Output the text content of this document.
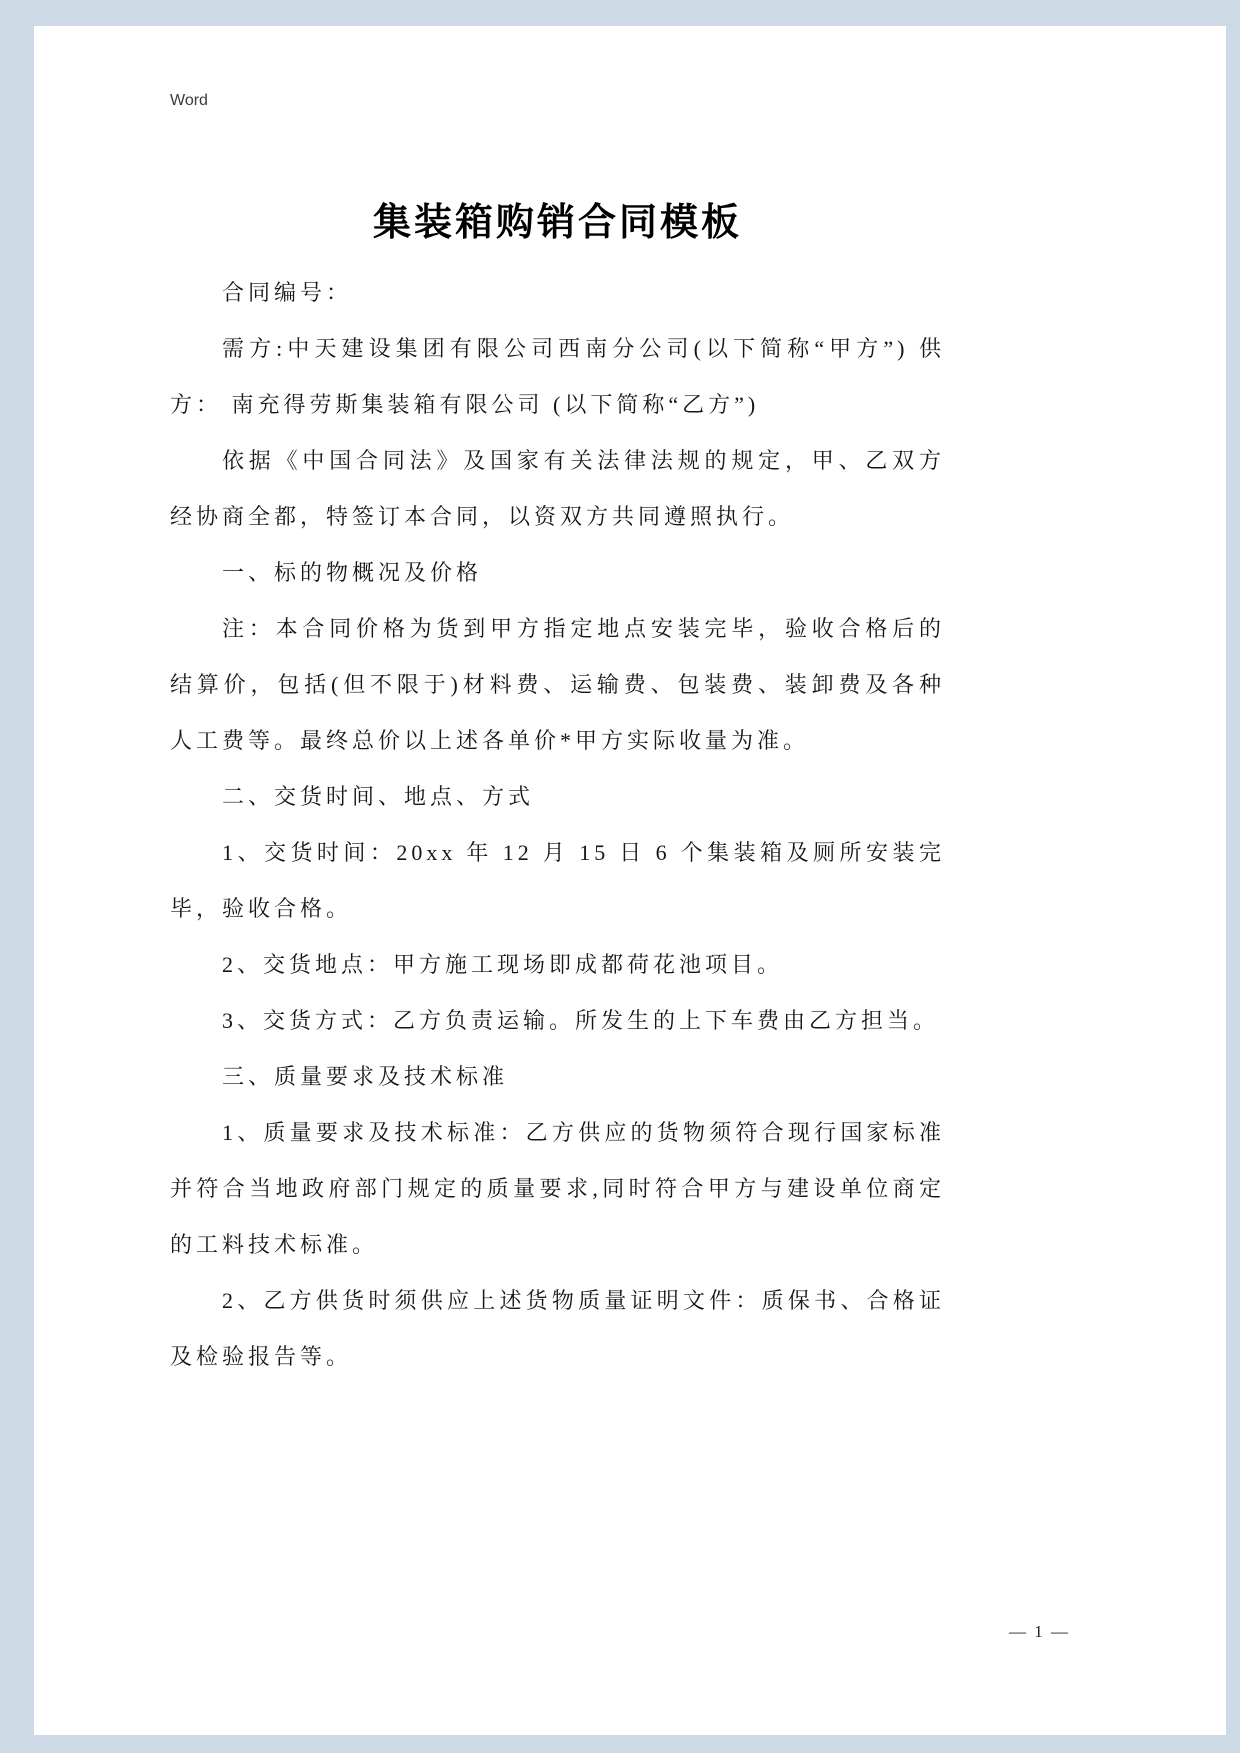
Word
集装箱购销合同模板

合同编号：

需方:中天建设集团有限公司西南分公司(以下简称“甲方”) 供方： 南充得劳斯集装箱有限公司 (以下简称“乙方”)

依据《中国合同法》及国家有关法律法规的规定，甲、乙双方经协商全都，特签订本合同，以资双方共同遵照执行。

一、标的物概况及价格

注：本合同价格为货到甲方指定地点安装完毕，验收合格后的结算价，包括(但不限于)材料费、运输费、包装费、装卸费及各种人工费等。最终总价以上述各单价*甲方实际收量为准。

二、交货时间、地点、方式

1、交货时间：20xx 年 12 月 15 日 6 个集装箱及厕所安装完毕，验收合格。

2、交货地点：甲方施工现场即成都荷花池项目。

3、交货方式：乙方负责运输。所发生的上下车费由乙方担当。

三、质量要求及技术标准

1、质量要求及技术标准：乙方供应的货物须符合现行国家标准并符合当地政府部门规定的质量要求,同时符合甲方与建设单位商定的工料技术标准。

2、乙方供货时须供应上述货物质量证明文件：质保书、合格证及检验报告等。

— 1 —
